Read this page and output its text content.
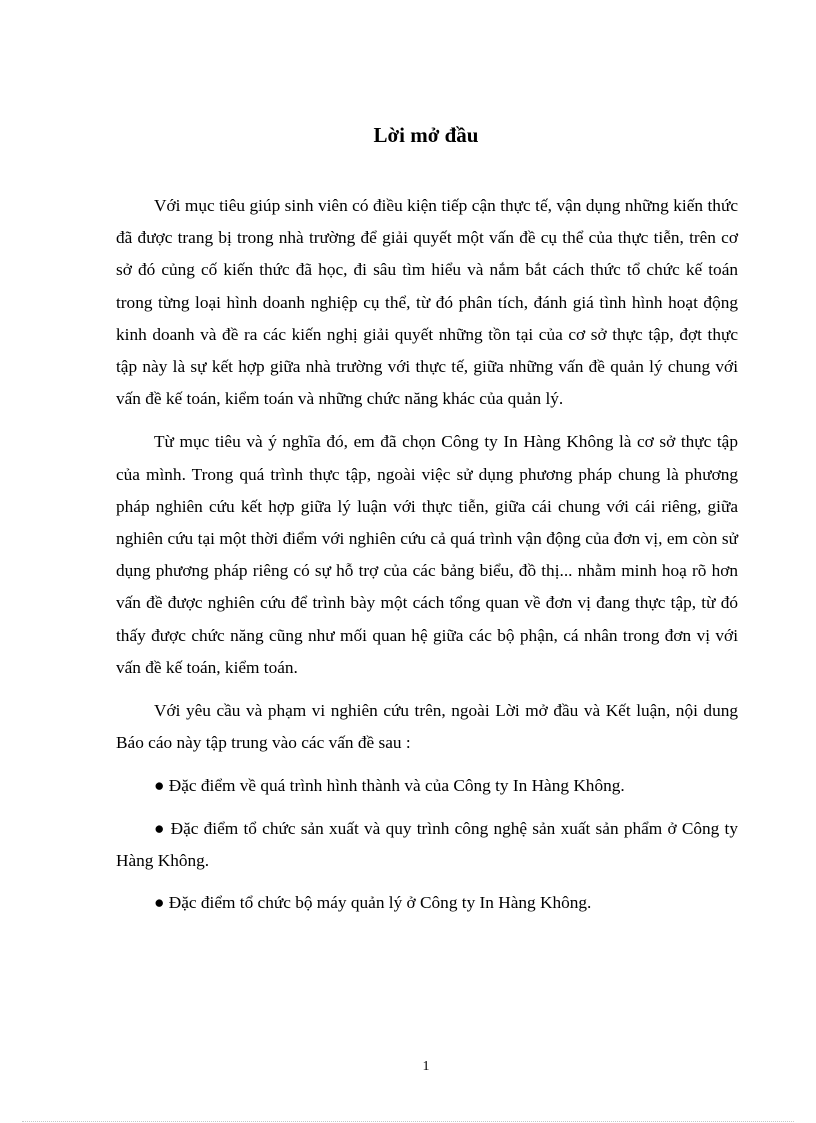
Lời mở đầu

Với mục tiêu giúp sinh viên có điều kiện tiếp cận thực tế, vận dụng những kiến thức đã được trang bị trong nhà trường để giải quyết một vấn đề cụ thể của thực tiễn, trên cơ sở đó củng cố kiến thức đã học, đi sâu tìm hiểu và nắm bắt cách thức tổ chức kế toán trong từng loại hình doanh nghiệp cụ thể, từ đó phân tích, đánh giá tình hình hoạt động kinh doanh và đề ra các kiến nghị giải quyết những tồn tại của cơ sở thực tập, đợt thực tập này là sự kết hợp giữa nhà trường với thực tế, giữa những vấn đề quản lý chung với vấn đề kế toán, kiểm toán và những chức năng khác của quản lý.

Từ mục tiêu và ý nghĩa đó, em đã chọn Công ty In Hàng Không là cơ sở thực tập của mình. Trong quá trình thực tập, ngoài việc sử dụng phương pháp chung là phương pháp nghiên cứu kết hợp giữa lý luận với thực tiễn, giữa cái chung với cái riêng, giữa nghiên cứu tại một thời điểm với nghiên cứu cả quá trình vận động của đơn vị, em còn sử dụng phương pháp riêng có sự hỗ trợ của các bảng biểu, đồ thị... nhằm minh hoạ rõ hơn vấn đề được nghiên cứu để trình bày một cách tổng quan về đơn vị đang thực tập, từ đó thấy được chức năng cũng như mối quan hệ giữa các bộ phận, cá nhân trong đơn vị với vấn đề kế toán, kiểm toán.

Với yêu cầu và phạm vi nghiên cứu trên, ngoài Lời mở đầu và Kết luận, nội dung Báo cáo này tập trung vào các vấn đề sau :

● Đặc điểm về quá trình hình thành và của Công ty In Hàng Không.

● Đặc điểm tổ chức sản xuất và quy trình công nghệ sản xuất sản phẩm ở Công ty Hàng Không.

● Đặc điểm tổ chức bộ máy quản lý ở Công ty In Hàng Không.

1
